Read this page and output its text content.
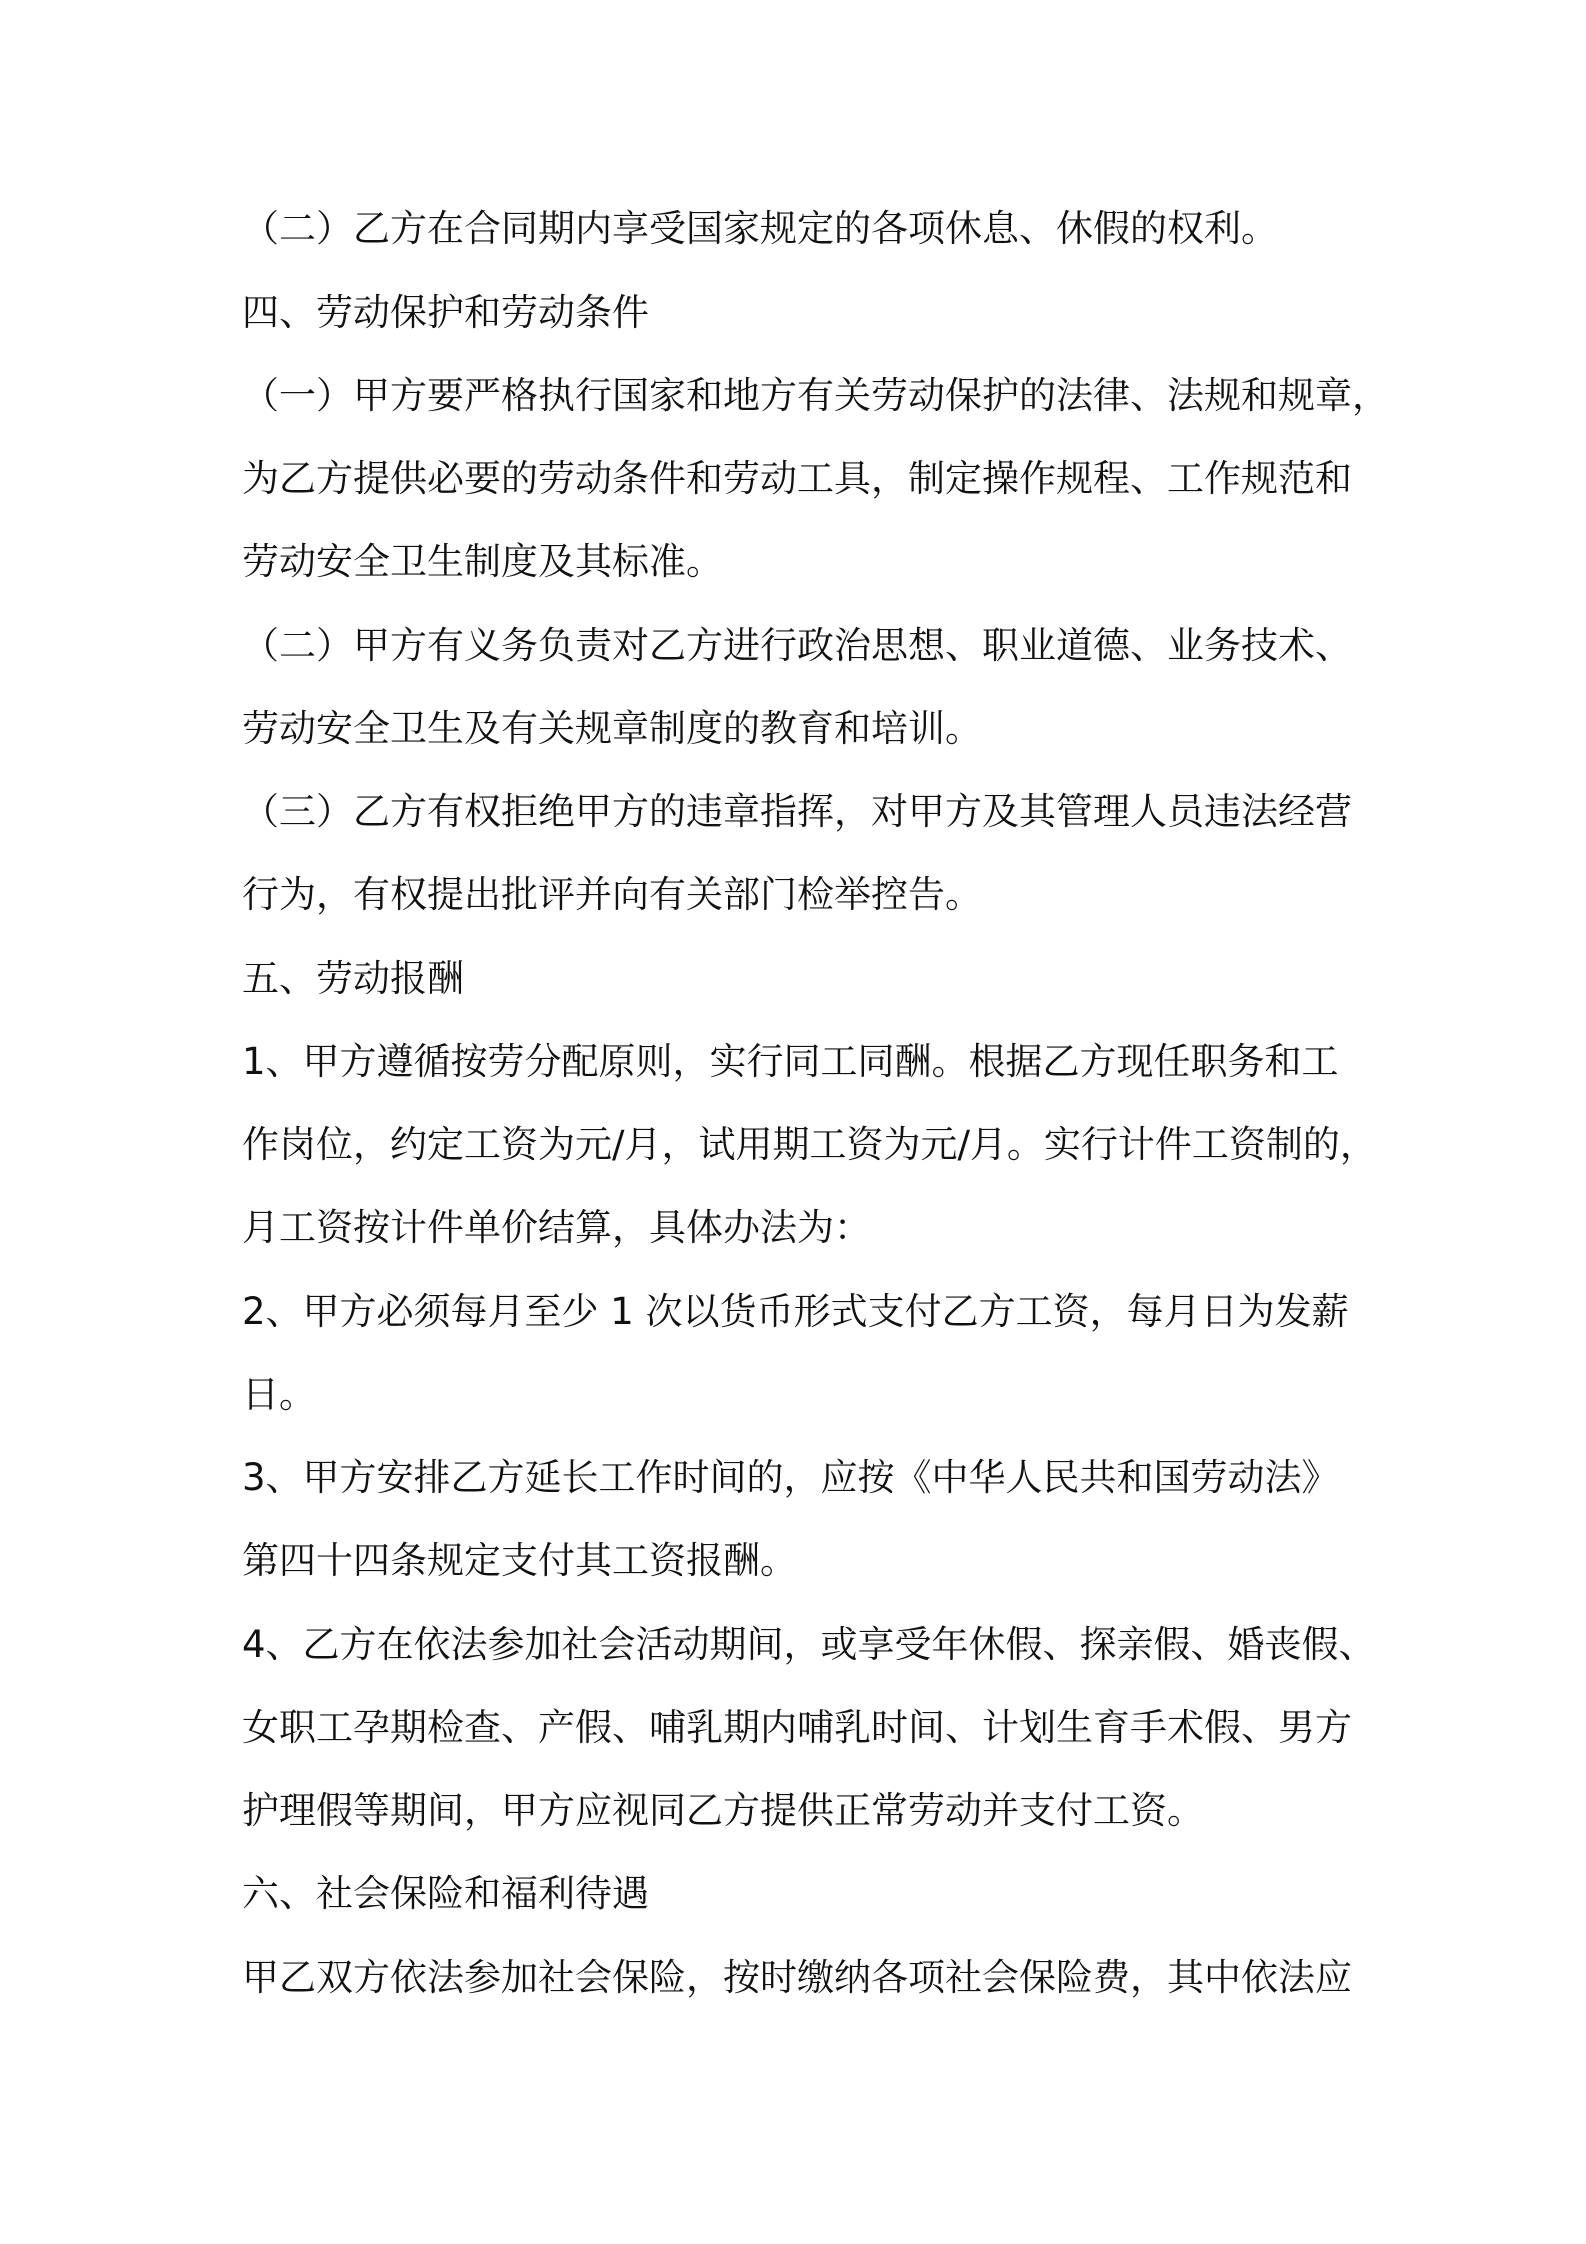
（二）乙方在合同期内享受国家规定的各项休息、休假的权利。
四、劳动保护和劳动条件
（一）甲方要严格执行国家和地方有关劳动保护的法律、法规和规章，
为乙方提供必要的劳动条件和劳动工具，制定操作规程、工作规范和
劳动安全卫生制度及其标准。
（二）甲方有义务负责对乙方进行政治思想、职业道德、业务技术、
劳动安全卫生及有关规章制度的教育和培训。
（三）乙方有权拒绝甲方的违章指挥，对甲方及其管理人员违法经营
行为，有权提出批评并向有关部门检举控告。
五、劳动报酬
1、甲方遵循按劳分配原则，实行同工同酬。根据乙方现任职务和工
作岗位，约定工资为元/月，试用期工资为元/月。实行计件工资制的，
月工资按计件单价结算，具体办法为：
2、甲方必须每月至少 1 次以货币形式支付乙方工资，每月日为发薪
日。
3、甲方安排乙方延长工作时间的，应按《中华人民共和国劳动法》
第四十四条规定支付其工资报酬。
4、乙方在依法参加社会活动期间，或享受年休假、探亲假、婚丧假、
女职工孕期检查、产假、哺乳期内哺乳时间、计划生育手术假、男方
护理假等期间，甲方应视同乙方提供正常劳动并支付工资。
六、社会保险和福利待遇
甲乙双方依法参加社会保险，按时缴纳各项社会保险费，其中依法应
